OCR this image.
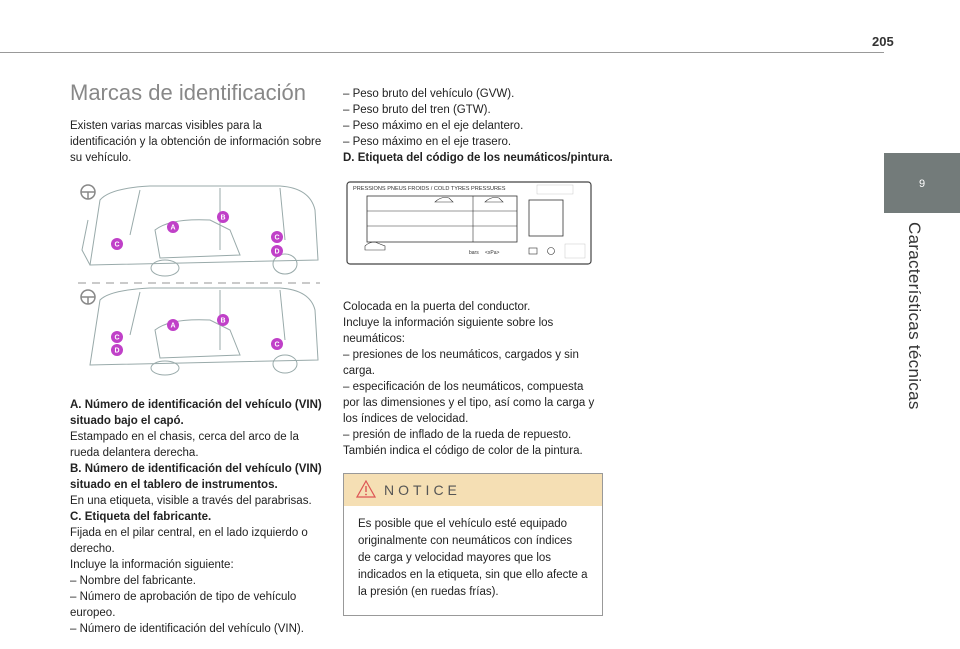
205
9
Características técnicas
Marcas de identificación

Existen varias marcas visibles para la identificación y la obtención de información sobre su vehículo.

A
B
C
C
D
A
B
C
D
C
A. Número de identificación del vehículo (VIN) situado bajo el capó.
Estampado en el chasis, cerca del arco de la rueda delantera derecha.
B. Número de identificación del vehículo (VIN) situado en el tablero de instrumentos.
En una etiqueta, visible a través del parabrisas.
C. Etiqueta del fabricante.
Fijada en el pilar central, en el lado izquierdo o derecho.
Incluye la información siguiente:
– Nombre del fabricante.
– Número de aprobación de tipo de vehículo europeo.
– Número de identificación del vehículo (VIN).
– Peso bruto del vehículo (GVW).
– Peso bruto del tren (GTW).
– Peso máximo en el eje delantero.
– Peso máximo en el eje trasero.
D. Etiqueta del código de los neumáticos/pintura.
PRESSIONS PNEUS FROIDS / COLD TYRES PRESSURES
bars <xPa>
Colocada en la puerta del conductor.
Incluye la información siguiente sobre los neumáticos:
– presiones de los neumáticos, cargados y sin carga.
– especificación de los neumáticos, compuesta por las dimensiones y el tipo, así como la carga y los índices de velocidad.
– presión de inflado de la rueda de repuesto.
También indica el código de color de la pintura.
NOTICE
Es posible que el vehículo esté equipado originalmente con neumáticos con índices de carga y velocidad mayores que los indicados en la etiqueta, sin que ello afecte a la presión (en ruedas frías).
